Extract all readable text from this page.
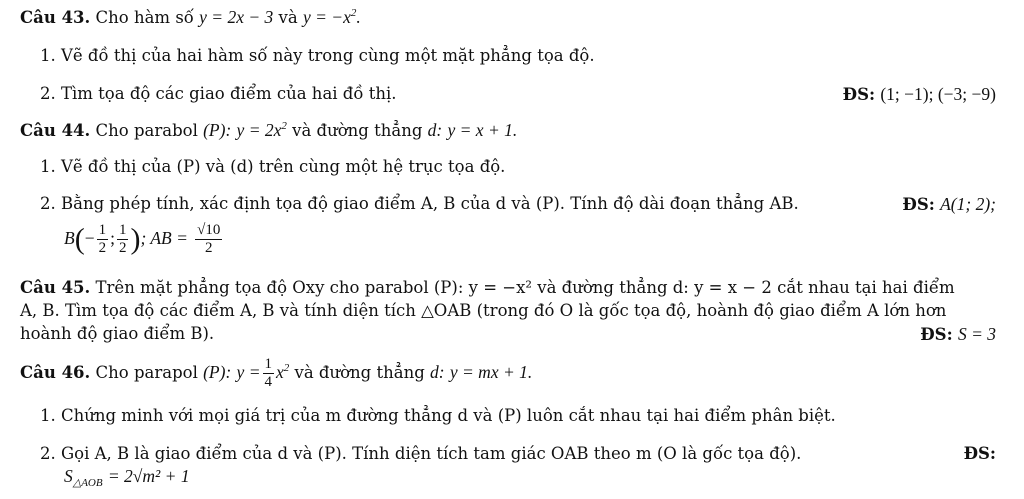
Câu 43. Cho hàm số y = 2x − 3 và $y = -x^2$.
1. Vẽ đồ thị của hai hàm số này trong cùng một mặt phẳng tọa độ.
2. Tìm tọa độ các giao điểm của hai đồ thị.	ĐS: (1; −1); (−3; −9)
Câu 44. Cho parabol (P): $y = 2x^2$ và đường thẳng d: y = x + 1.
1. Vẽ đồ thị của (P) và (d) trên cùng một hệ trục tọa độ.
2. Bằng phép tính, xác định tọa độ giao điểm A, B của d và (P). Tính độ dài đoạn thẳng AB.	ĐS: A(1; 2);
$B(- \frac{1}{2}$ ; $\frac{1}{2}$ ); AB = $\frac{√10}{2}$
Câu 45. Trên mặt phẳng tọa độ Oxy cho parabol (P): y = −x² và đường thẳng d: y = x − 2 cắt nhau tại hai điểm
A, B. Tìm tọa độ các điểm A, B và tính diện tích △OAB (trong đó O là gốc tọa độ, hoành độ giao điểm A lớn hơn
hoành độ giao điểm B).	ĐS: S = 3
Câu 46. Cho parapol (P): $y = \frac{1}{4} x^2$ và đường thẳng d: y = mx + 1.
1. Chứng minh với mọi giá trị của m đường thẳng d và (P) luôn cắt nhau tại hai điểm phân biệt.
2. Gọi A, B là giao điểm của d và (P). Tính diện tích tam giác OAB theo m (O là gốc tọa độ).	ĐS:
$S_{\triangle AOB} = 2√m^2 + 1$
